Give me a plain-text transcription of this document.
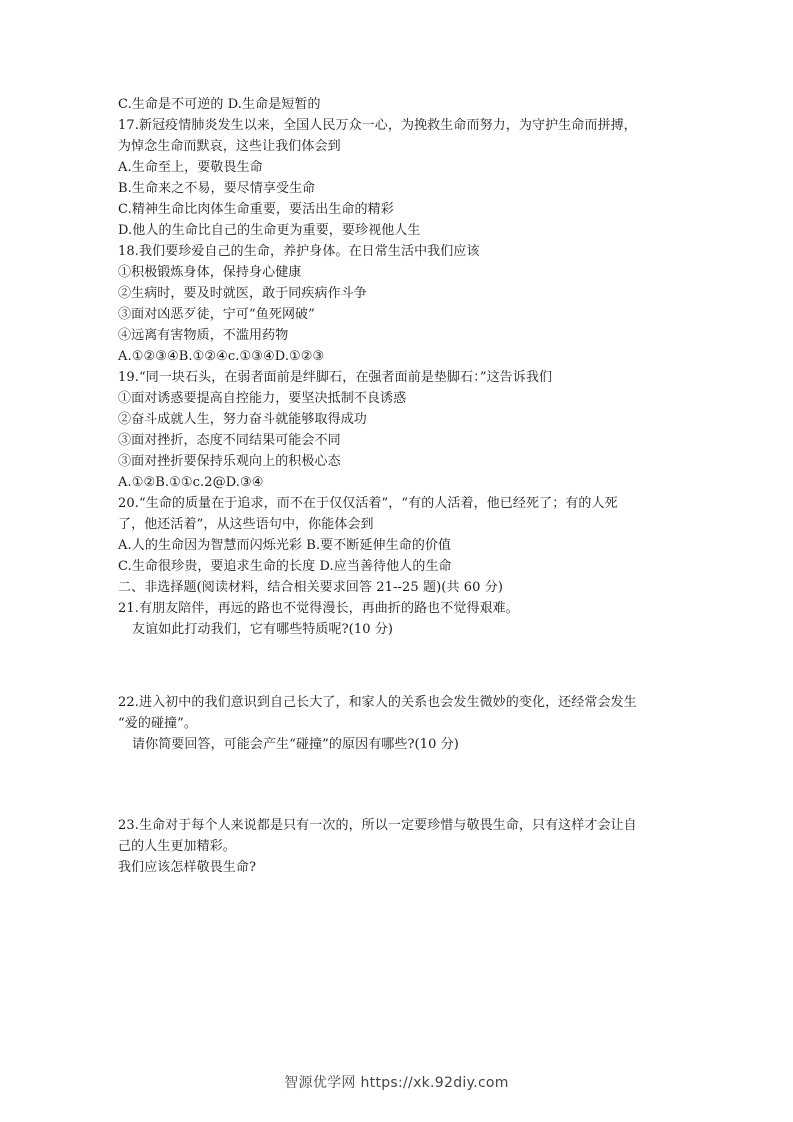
C.生命是不可逆的 D.生命是短暂的
17.新冠疫情肺炎发生以来，全国人民万众一心，为挽救生命而努力，为守护生命而拼搏，
为悼念生命而默哀，这些让我们体会到
A.生命至上，要敬畏生命
B.生命来之不易，要尽情享受生命
C.精神生命比肉体生命重要，要活出生命的精彩
D.他人的生命比自己的生命更为重要，要珍视他人生
18.我们要珍爱自己的生命，养护身体。在日常生活中我们应该
①积极锻炼身体，保持身心健康
②生病时，要及时就医，敢于同疾病作斗争
③面对凶恶歹徒，宁可“鱼死网破”
④远离有害物质，不滥用药物
A.①②③④B.①②④c.①③④D.①②③
19.“同一块石头，在弱者面前是绊脚石，在强者面前是垫脚石：”这告诉我们
①面对诱惑要提高自控能力，要坚决抵制不良诱惑
②奋斗成就人生，努力奋斗就能够取得成功
③面对挫折，态度不同结果可能会不同
③面对挫折要保持乐观向上的积极心态
A.①②B.①①c.2@D.③④
20.“生命的质量在于追求，而不在于仅仅活着”，“有的人活着，他已经死了；有的人死
了，他还活着”，从这些语句中，你能体会到
A.人的生命因为智慧而闪烁光彩 B.要不断延伸生命的价值
C.生命很珍贵，要追求生命的长度 D.应当善待他人的生命
二、非选择题(阅读材料，结合相关要求回答 21--25 题)(共 60 分)
21.有朋友陪伴，再远的路也不觉得漫长，再曲折的路也不觉得艰难。
友谊如此打动我们，它有哪些特质呢?(10 分)
22.进入初中的我们意识到自己长大了，和家人的关系也会发生微妙的变化，还经常会发生
“爱的碰撞”。
请你简要回答，可能会产生“碰撞”的原因有哪些?(10 分)
23.生命对于每个人来说都是只有一次的，所以一定要珍惜与敬畏生命，只有这样才会让自
己的人生更加精彩。
我们应该怎样敬畏生命?
智源优学网 https://xk.92diy.com
